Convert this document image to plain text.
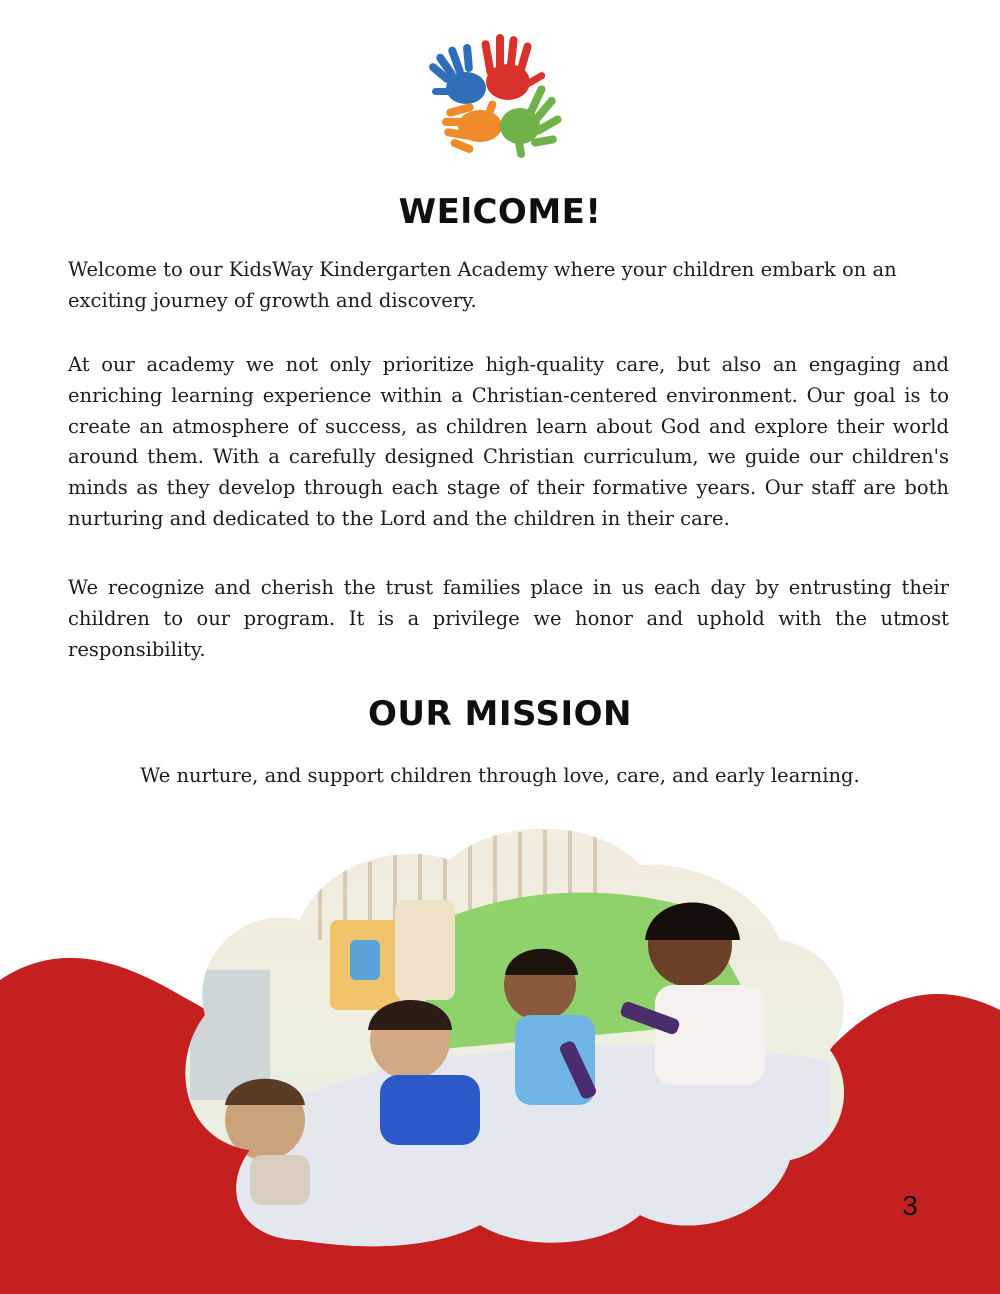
WElCOME!

Welcome to our KidsWay Kindergarten Academy where your children embark on an exciting journey of growth and discovery.

At our academy we not only prioritize high-quality care, but also an engaging and enriching learning experience within a Christian-centered environment. Our goal is to create an atmosphere of success, as children learn about God and explore their world around them. With a carefully designed Christian curriculum, we guide our children's minds as they develop through each stage of their formative years. Our staff are both nurturing and dedicated to the Lord and the children in their care.

We recognize and cherish the trust families place in us each day by entrusting their children to our program. It is a privilege we honor and uphold with the utmost responsibility.

OUR MISSION

We nurture, and support children through love, care, and early learning.

3
